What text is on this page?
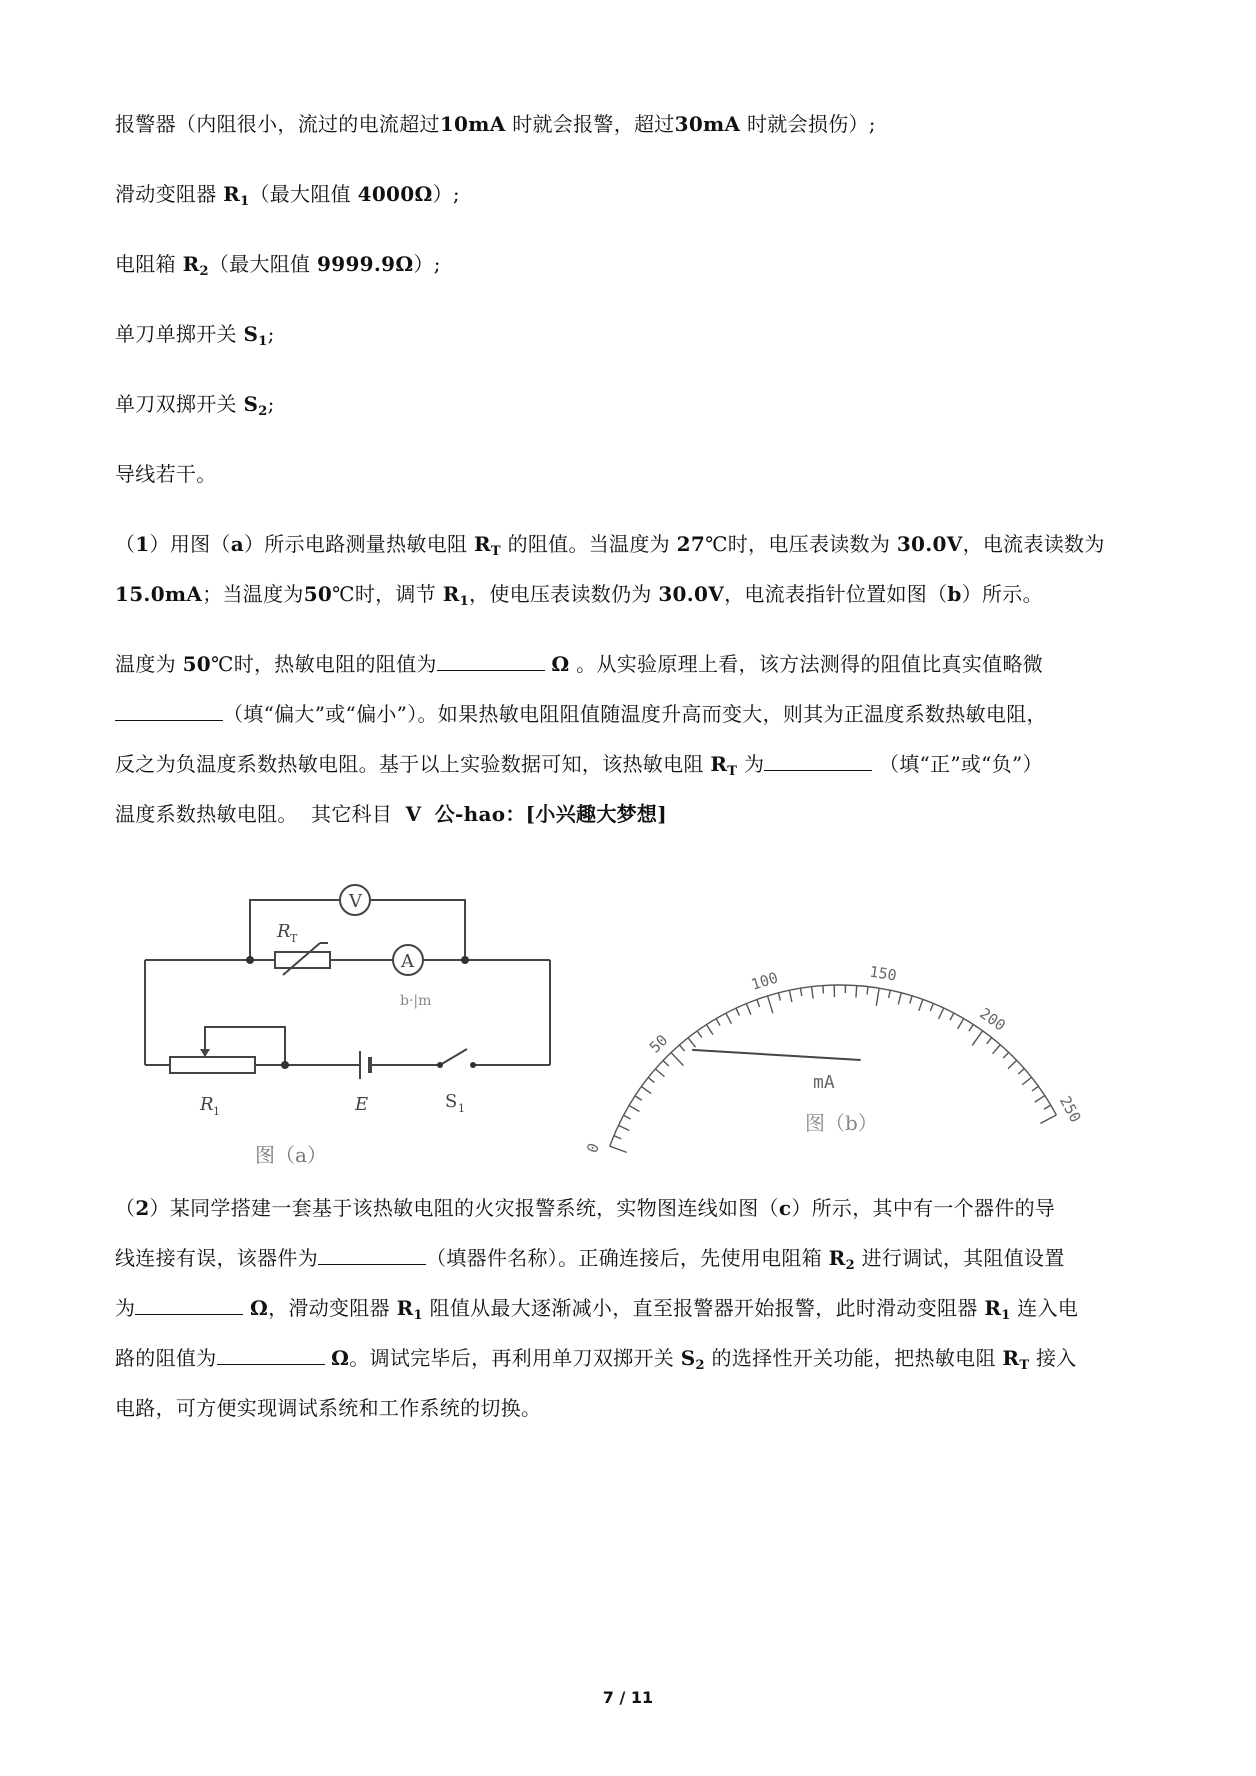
报警器（内阻很小，流过的电流超过10mA 时就会报警，超过30mA 时就会损伤）;
滑动变阻器 $R_1$（最大阻值 4000Ω）;
电阻箱 $R_2$（最大阻值 9999.9Ω）;
单刀单掷开关 $S_1$;
单刀双掷开关 $S_2$;
导线若干。
（1）用图（a）所示电路测量热敏电阻 $R_T$ 的阻值。当温度为 27℃时，电压表读数为 30.0V，电流表读数为
15.0mA；当温度为50℃时，调节 $R_1$，使电压表读数仍为 30.0V，电流表指针位置如图（b）所示。
温度为 50℃时，热敏电阻的阻值为	Ω 。从实验原理上看，该方法测得的阻值比真实值略微
（填“偏大”或“偏小”）。如果热敏电阻阻值随温度升高而变大，则其为正温度系数热敏电阻，
反之为负温度系数热敏电阻。基于以上实验数据可知，该热敏电阻 $R_T$ 为	（填“正”或“负”）
温度系数热敏电阻。 其它科目 V 公-hao：[小兴趣大梦想]
V
A
R T
R 1	E	S 1
b·|m
图（a）	0
50
100	150
200
250
mA
图（b）
（2）某同学搭建一套基于该热敏电阻的火灾报警系统，实物图连线如图（c）所示，其中有一个器件的导
线连接有误，该器件为	（填器件名称）。正确连接后，先使用电阻箱 $R_2$ 进行调试，其阻值设置
为	Ω，滑动变阻器 $R_1$ 阻值从最大逐渐减小，直至报警器开始报警，此时滑动变阻器 $R_1$ 连入电
路的阻值为	Ω。调试完毕后，再利用单刀双掷开关 $S_2$ 的选择性开关功能，把热敏电阻 $R_T$ 接入
电路，可方便实现调试系统和工作系统的切换。
7 / 11
